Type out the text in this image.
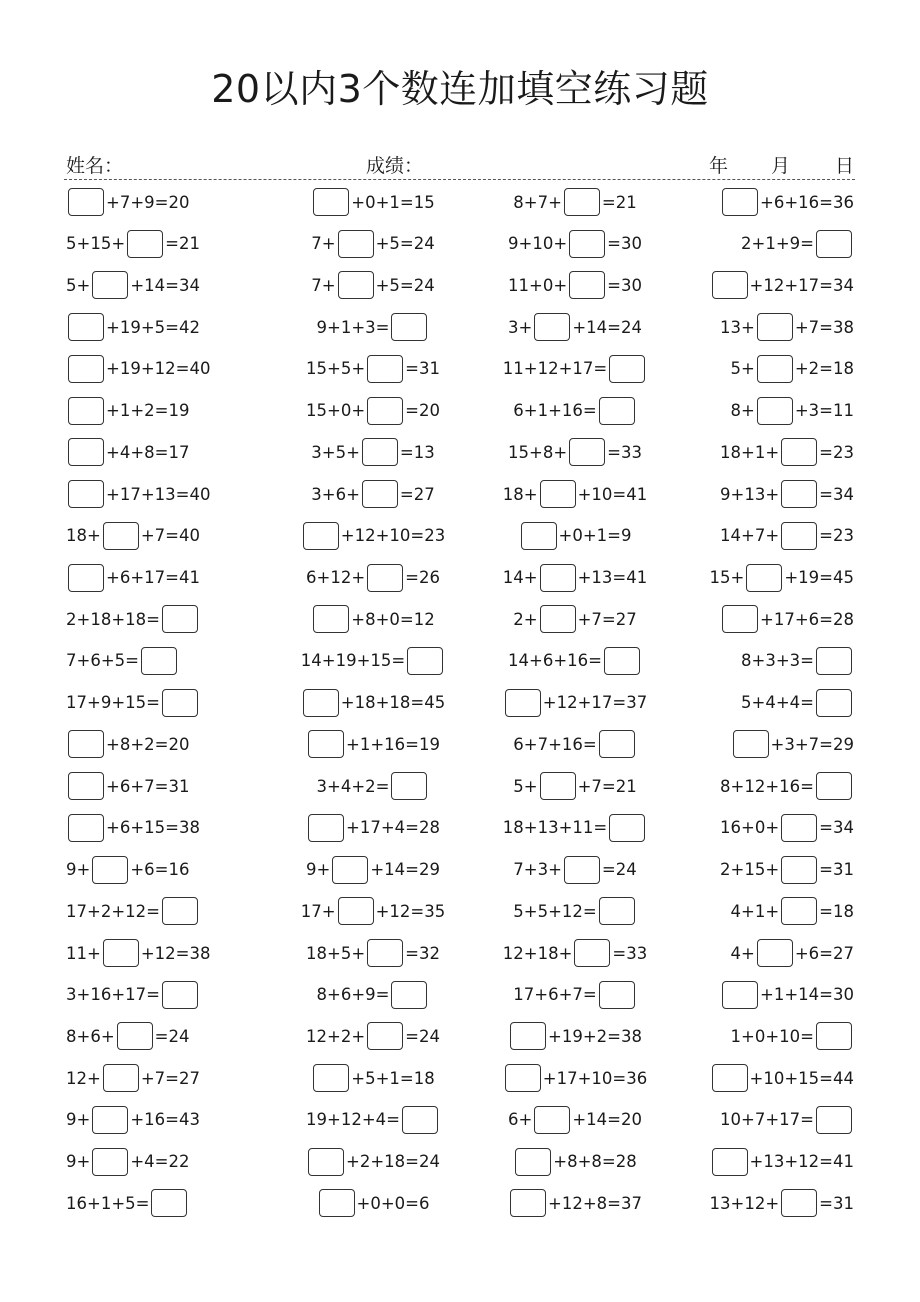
20以内3个数连加填空练习题
姓名：	成绩：	年 月 日
+7+9=20	+0+1=15	8+7+ =21	+6+16=36
5+15+ =21	7+ +5=24	9+10+ =30	2+1+9=
5+ +14=34	7+ +5=24	11+0+ =30	+12+17=34
+19+5=42	9+1+3=	3+ +14=24	13+ +7=38
+19+12=40	15+5+ =31	11+12+17=	5+ +2=18
+1+2=19	15+0+ =20	6+1+16=	8+ +3=11
+4+8=17	3+5+ =13	15+8+ =33	18+1+ =23
+17+13=40	3+6+ =27	18+ +10=41	9+13+ =34
18+ +7=40	+12+10=23	+0+1=9	14+7+ =23
+6+17=41	6+12+ =26	14+ +13=41	15+ +19=45
2+18+18=	+8+0=12	2+ +7=27	+17+6=28
7+6+5=	14+19+15=	14+6+16=	8+3+3=
17+9+15=	+18+18=45	+12+17=37	5+4+4=
+8+2=20	+1+16=19	6+7+16=	+3+7=29
+6+7=31	3+4+2=	5+ +7=21	8+12+16=
+6+15=38	+17+4=28	18+13+11=	16+0+ =34
9+ +6=16	9+ +14=29	7+3+ =24	2+15+ =31
17+2+12=	17+ +12=35	5+5+12=	4+1+ =18
11+ +12=38	18+5+ =32	12+18+ =33	4+ +6=27
3+16+17=	8+6+9=	17+6+7=	+1+14=30
8+6+ =24	12+2+ =24	+19+2=38	1+0+10=
12+ +7=27	+5+1=18	+17+10=36	+10+15=44
9+ +16=43	19+12+4=	6+ +14=20	10+7+17=
9+ +4=22	+2+18=24	+8+8=28	+13+12=41
16+1+5=	+0+0=6	+12+8=37	13+12+ =31
